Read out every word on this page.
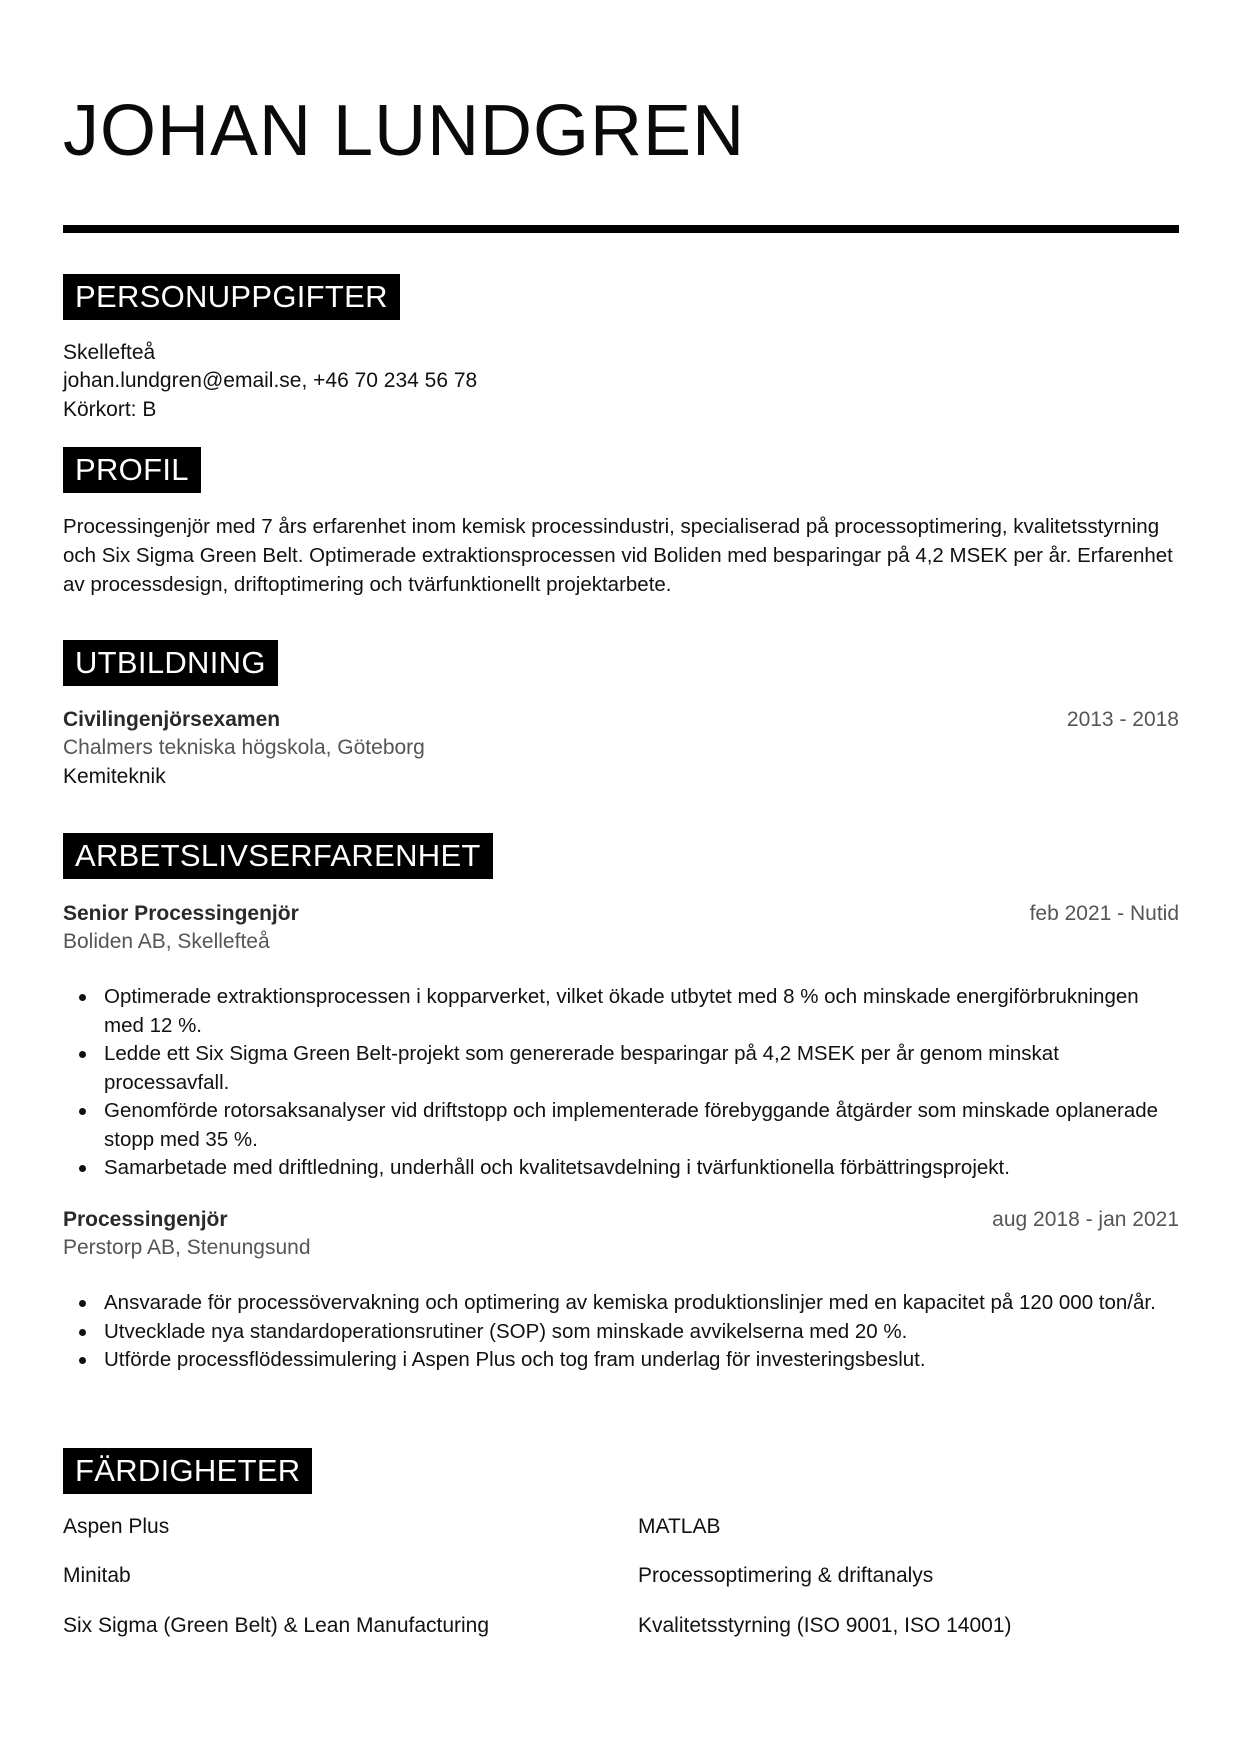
JOHAN LUNDGREN
PERSONUPPGIFTER
Skellefteå
johan.lundgren@email.se, +46 70 234 56 78
Körkort: B
PROFIL
Processingenjör med 7 års erfarenhet inom kemisk processindustri, specialiserad på processoptimering, kvalitetsstyrning och Six Sigma Green Belt. Optimerade extraktionsprocessen vid Boliden med besparingar på 4,2 MSEK per år. Erfarenhet av processdesign, driftoptimering och tvärfunktionellt projektarbete.
UTBILDNING
Civilingenjörsexamen	2013 - 2018
Chalmers tekniska högskola, Göteborg
Kemiteknik
ARBETSLIVSERFARENHET
Senior Processingenjör	feb 2021 - Nutid
Boliden AB, Skellefteå
Optimerade extraktionsprocessen i kopparverket, vilket ökade utbytet med 8 % och minskade energiförbrukningen med 12 %.
Ledde ett Six Sigma Green Belt-projekt som genererade besparingar på 4,2 MSEK per år genom minskat processavfall.
Genomförde rotorsaksanalyser vid driftstopp och implementerade förebyggande åtgärder som minskade oplanerade stopp med 35 %.
Samarbetade med driftledning, underhåll och kvalitetsavdelning i tvärfunktionella förbättringsprojekt.
Processingenjör	aug 2018 - jan 2021
Perstorp AB, Stenungsund
Ansvarade för processövervakning och optimering av kemiska produktionslinjer med en kapacitet på 120 000 ton/år.
Utvecklade nya standardoperationsrutiner (SOP) som minskade avvikelserna med 20 %.
Utförde processflödessimulering i Aspen Plus och tog fram underlag för investeringsbeslut.
FÄRDIGHETER
Aspen Plus	MATLAB
Minitab	Processoptimering & driftanalys
Six Sigma (Green Belt) & Lean Manufacturing	Kvalitetsstyrning (ISO 9001, ISO 14001)
